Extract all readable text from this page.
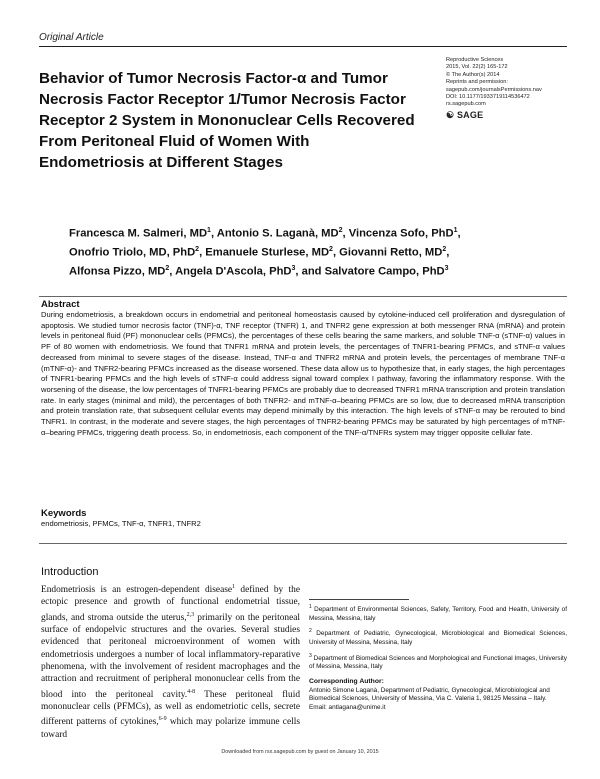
Original Article
Behavior of Tumor Necrosis Factor-α and Tumor Necrosis Factor Receptor 1/Tumor Necrosis Factor Receptor 2 System in Mononuclear Cells Recovered From Peritoneal Fluid of Women With Endometriosis at Different Stages
Reproductive Sciences
2015, Vol. 22(2) 165-172
© The Author(s) 2014
Reprints and permission:
sagepub.com/journalsPermissions.nav
DOI: 10.1177/1933719114536472
rs.sagepub.com
☯ SAGE
Francesca M. Salmeri, $MD^1$, Antonio S. Laganà, $MD^2$, Vincenza Sofo, PhD$^1$,
Onofrio Triolo, MD, PhD$^2$, Emanuele Sturlese, $MD^2$, Giovanni Retto, $MD^2$,
Alfonsa Pizzo, $MD^2$, Angela D'Ascola, PhD$^3$, and Salvatore Campo, PhD$^3$
Abstract
During endometriosis, a breakdown occurs in endometrial and peritoneal homeostasis caused by cytokine-induced cell proliferation and dysregulation of apoptosis. We studied tumor necrosis factor (TNF)-α, TNF receptor (TNFR) 1, and TNFR2 gene expression at both messenger RNA (mRNA) and protein levels in peritoneal fluid (PF) mononuclear cells (PFMCs), the percentages of these cells bearing the same markers, and soluble TNF-α (sTNF-α) values in PF of 80 women with endometriosis. We found that TNFR1 mRNA and protein levels, the percentages of TNFR1-bearing PFMCs, and sTNF-α values decreased from minimal to severe stages of the disease. Instead, TNF-α and TNFR2 mRNA and protein levels, the percentages of membrane TNF-α (mTNF-α)- and TNFR2-bearing PFMCs increased as the disease worsened. These data allow us to hypothesize that, in early stages, the high percentages of TNFR1-bearing PFMCs and the high levels of sTNF-α could address signal toward complex I pathway, favoring the inflammatory response. With the worsening of the disease, the low percentages of TNFR1-bearing PFMCs are probably due to decreased TNFR1 mRNA transcription and protein translation rate. In early stages (minimal and mild), the percentages of both TNFR2- and mTNF-α–bearing PFMCs are so low, due to decreased mRNA transcription and protein translation rate, that subsequent cellular events may depend minimally by this interaction. The high levels of sTNF-α may be rerouted to bind TNFR1. In contrast, in the moderate and severe stages, the high percentages of TNFR2-bearing PFMCs may be saturated by high percentages of mTNF-α–bearing PFMCs, triggering death process. So, in endometriosis, each component of the TNF-α/TNFRs system may trigger opposite cellular fate.
Keywords
endometriosis, PFMCs, TNF-α, TNFR1, TNFR2
Introduction
Endometriosis is an estrogen-dependent disease$^1$ defined by the ectopic presence and growth of functional endometrial tissue, glands, and stroma outside the uterus,$^{2,3}$ primarily on the peritoneal surface of endopelvic structures and the ovaries. Several studies evidenced that peritoneal microenvironment of women with endometriosis undergoes a number of local inflammatory-reparative phenomena, with the involvement of resident macrophages and the attraction and recruitment of peripheral mononuclear cells from the blood into the peritoneal cavity.$^{4-8}$ These peritoneal fluid mononuclear cells (PFMCs), as well as endometriotic cells, secrete different patterns of cytokines,$^{6-9}$ which may polarize immune cells toward

$^1$ Department of Environmental Sciences, Safety, Territory, Food and Health, University of Messina, Messina, Italy

$^2$ Department of Pediatric, Gynecological, Microbiological and Biomedical Sciences, University of Messina, Messina, Italy

$^3$ Department of Biomedical Sciences and Morphological and Functional Images, University of Messina, Messina, Italy

Corresponding Author:
Antonio Simone Laganà, Department of Pediatric, Gynecological, Microbiological and Biomedical Sciences, University of Messina, Via C. Valeria 1, 98125 Messina – Italy.
Email: antlagana@unime.it
Downloaded from rsx.sagepub.com by guest on January 10, 2015
